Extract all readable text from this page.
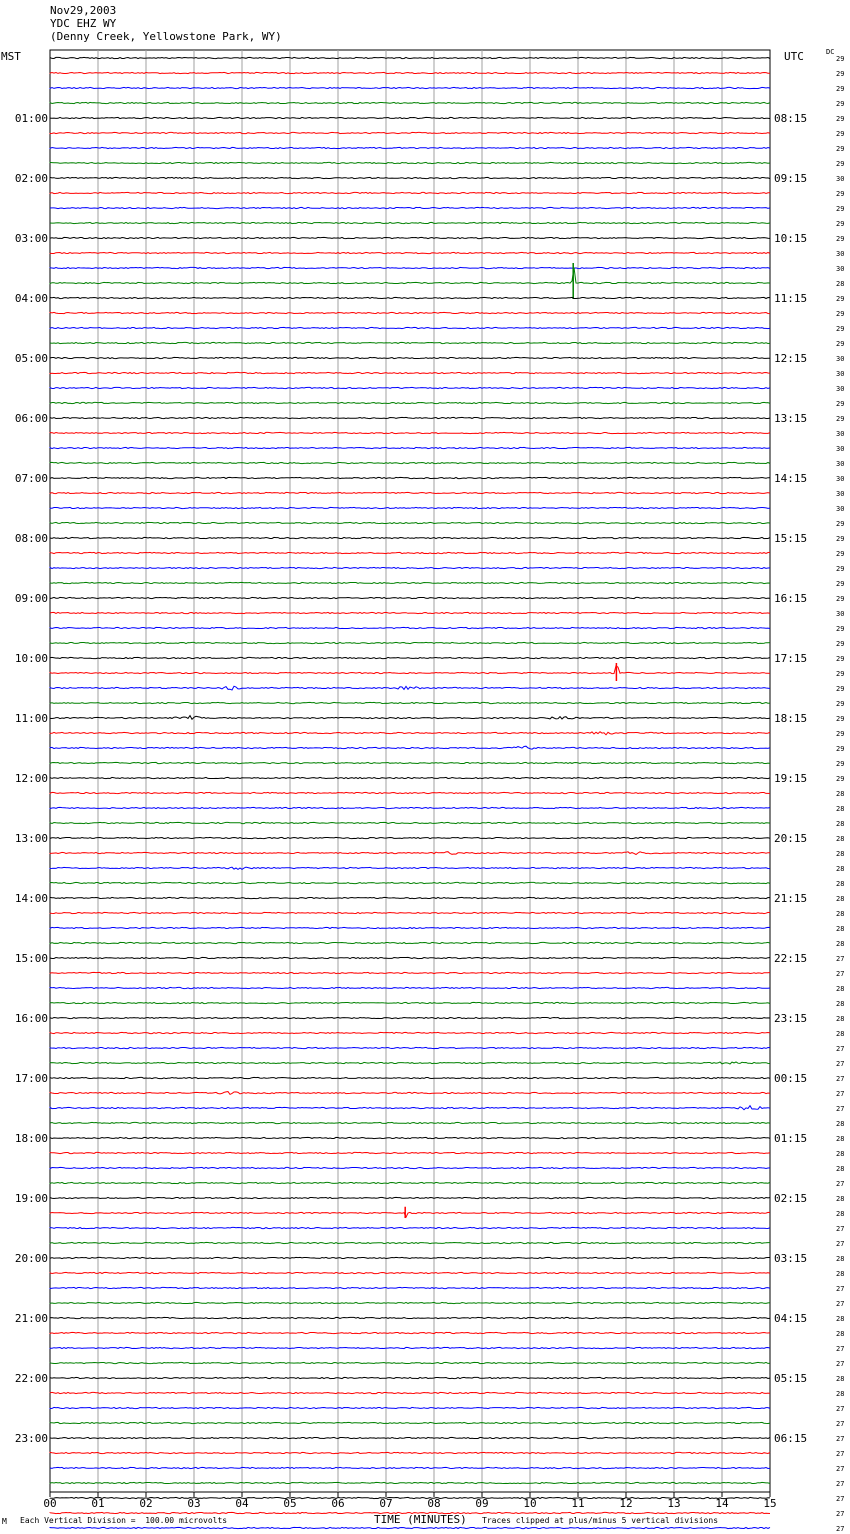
Nov29,2003
YDC EHZ WY
(Denny Creek, Yellowstone Park, WY)
MST	UTC	DC
00	01	02	03	04	05	06	07	08	09	10	11	12	13	14	15
29
29
29
29
29
29
29
29
30
29
29
29
29
30
30
28
29
29
29
29
30
30
30
29
29
30
30
30
30
30
30
29
29
29
29
29
29
30
29
29
29
29
29
29
29
29
29
29
29
28
28
28
28
28
28
28
28
28
28
28
27
27
28
28
28
28
27
27
27
27
27
28
28
28
28
27
28
28
27
27
28
28
27
27
28
28
27
27
28
28
27
27
27
27
27
27
27
27
27
01:00
02:00
03:00
04:00
05:00
06:00
07:00
08:00
09:00
10:00
11:00
12:00
13:00
14:00
15:00
16:00
17:00
18:00
19:00
20:00
21:00
22:00
23:00
08:15
09:15
10:15
11:15
12:15
13:15
14:15
15:15
16:15
17:15
18:15
19:15
20:15
21:15
22:15
23:15
00:15
01:15
02:15
03:15
04:15
05:15
06:15
M Each Vertical Division =  100.00 microvolts	TIME (MINUTES) Traces clipped at plus/minus 5 vertical divisions
